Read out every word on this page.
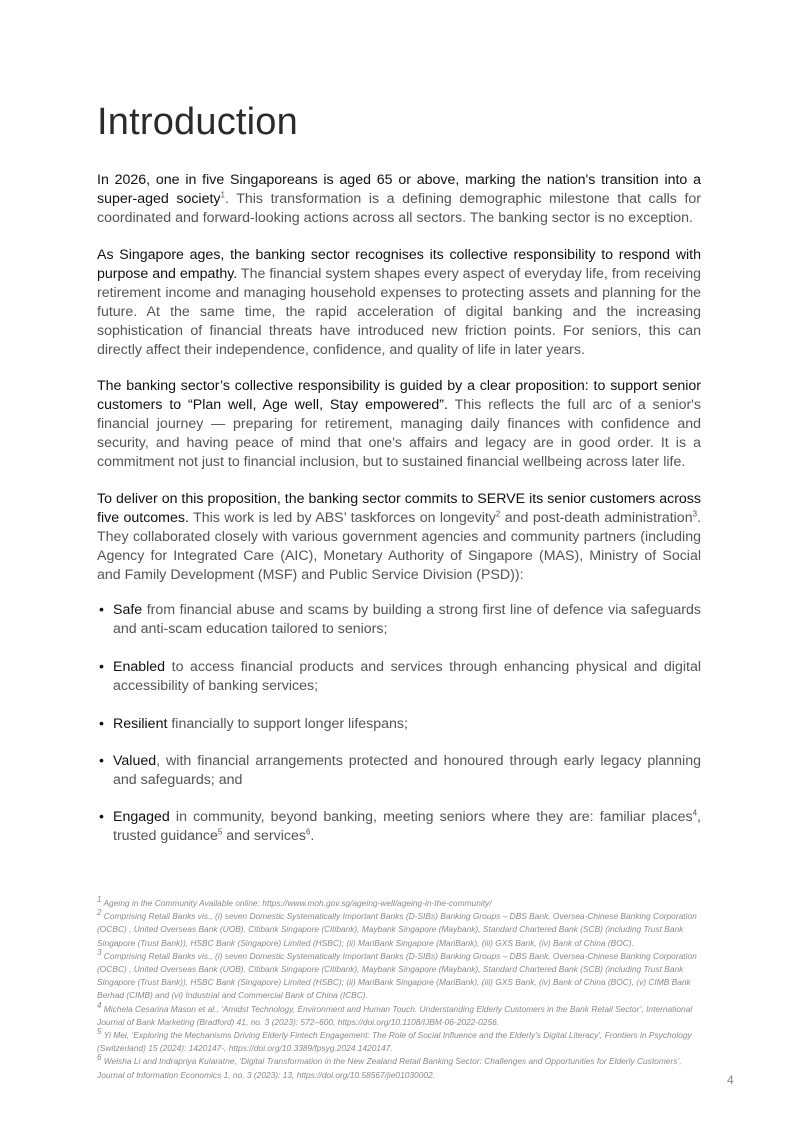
Introduction

In 2026, one in five Singaporeans is aged 65 or above, marking the nation's transition into a super-aged society$^1$. This transformation is a defining demographic milestone that calls for coordinated and forward-looking actions across all sectors. The banking sector is no exception.

As Singapore ages, the banking sector recognises its collective responsibility to respond with purpose and empathy. The financial system shapes every aspect of everyday life, from receiving retirement income and managing household expenses to protecting assets and planning for the future. At the same time, the rapid acceleration of digital banking and the increasing sophistication of financial threats have introduced new friction points. For seniors, this can directly affect their independence, confidence, and quality of life in later years.

The banking sector’s collective responsibility is guided by a clear proposition: to support senior customers to “Plan well, Age well, Stay empowered”. This reflects the full arc of a senior's financial journey — preparing for retirement, managing daily finances with confidence and security, and having peace of mind that one's affairs and legacy are in good order. It is a commitment not just to financial inclusion, but to sustained financial wellbeing across later life.

To deliver on this proposition, the banking sector commits to SERVE its senior customers across five outcomes. This work is led by ABS’ taskforces on longevity$^2$ and post-death administration$^3$. They collaborated closely with various government agencies and community partners (including Agency for Integrated Care (AIC), Monetary Authority of Singapore (MAS), Ministry of Social and Family Development (MSF) and Public Service Division (PSD)):

• Safe from financial abuse and scams by building a strong first line of defence via safeguards and anti-scam education tailored to seniors;
• Enabled to access financial products and services through enhancing physical and digital accessibility of banking services;
• Resilient financially to support longer lifespans;
• Valued, with financial arrangements protected and honoured through early legacy planning and safeguards; and
• Engaged in community, beyond banking, meeting seniors where they are: familiar places$^4$, trusted guidance$^5$ and services$^6$.

$^1$ Ageing in the Community Available online: https://www.moh.gov.sg/ageing-well/ageing-in-the-community/

$^2$ Comprising Retail Banks vis., (i) seven Domestic Systematically Important Banks (D-SIBs) Banking Groups – DBS Bank, Oversea-Chinese Banking Corporation (OCBC) , United Overseas Bank (UOB), Citibank Singapore (Citibank), Maybank Singapore (Maybank), Standard Chartered Bank (SCB) (including Trust Bank Singapore (Trust Bank)), HSBC Bank (Singapore) Limited (HSBC); (ii) MariBank Singapore (MariBank), (iii) GXS Bank, (iv) Bank of China (BOC).

$^3$ Comprising Retail Banks vis., (i) seven Domestic Systematically Important Banks (D-SIBs) Banking Groups – DBS Bank, Oversea-Chinese Banking Corporation (OCBC) , United Overseas Bank (UOB), Citibank Singapore (Citibank), Maybank Singapore (Maybank), Standard Chartered Bank (SCB) (including Trust Bank Singapore (Trust Bank)), HSBC Bank (Singapore) Limited (HSBC); (ii) MariBank Singapore (MariBank), (iii) GXS Bank, (iv) Bank of China (BOC), (v) CIMB Bank Berhad (CIMB) and (vi) Industrial and Commercial Bank of China (ICBC).

$^4$ Michela Cesarina Mason et al., ‘Amidst Technology, Environment and Human Touch. Understanding Elderly Customers in the Bank Retail Sector’, International Journal of Bank Marketing (Bradford) 41, no. 3 (2023): 572–600, https://doi.org/10.1108/IJBM-06-2022-0256.

$^5$ Yi Mei, ‘Exploring the Mechanisms Driving Elderly Fintech Engagement: The Role of Social Influence and the Elderly’s Digital Literacy’, Frontiers in Psychology (Switzerland) 15 (2024): 1420147-, https://doi.org/10.3389/fpsyg.2024.1420147.

$^6$ Weisha Li and Indrapriya Kularatne, ‘Digital Transformation in the New Zealand Retail Banking Sector: Challenges and Opportunities for Elderly Customers’, Journal of Information Economics 1, no. 3 (2023): 13, https://doi.org/10.58567/jie01030002.	4
